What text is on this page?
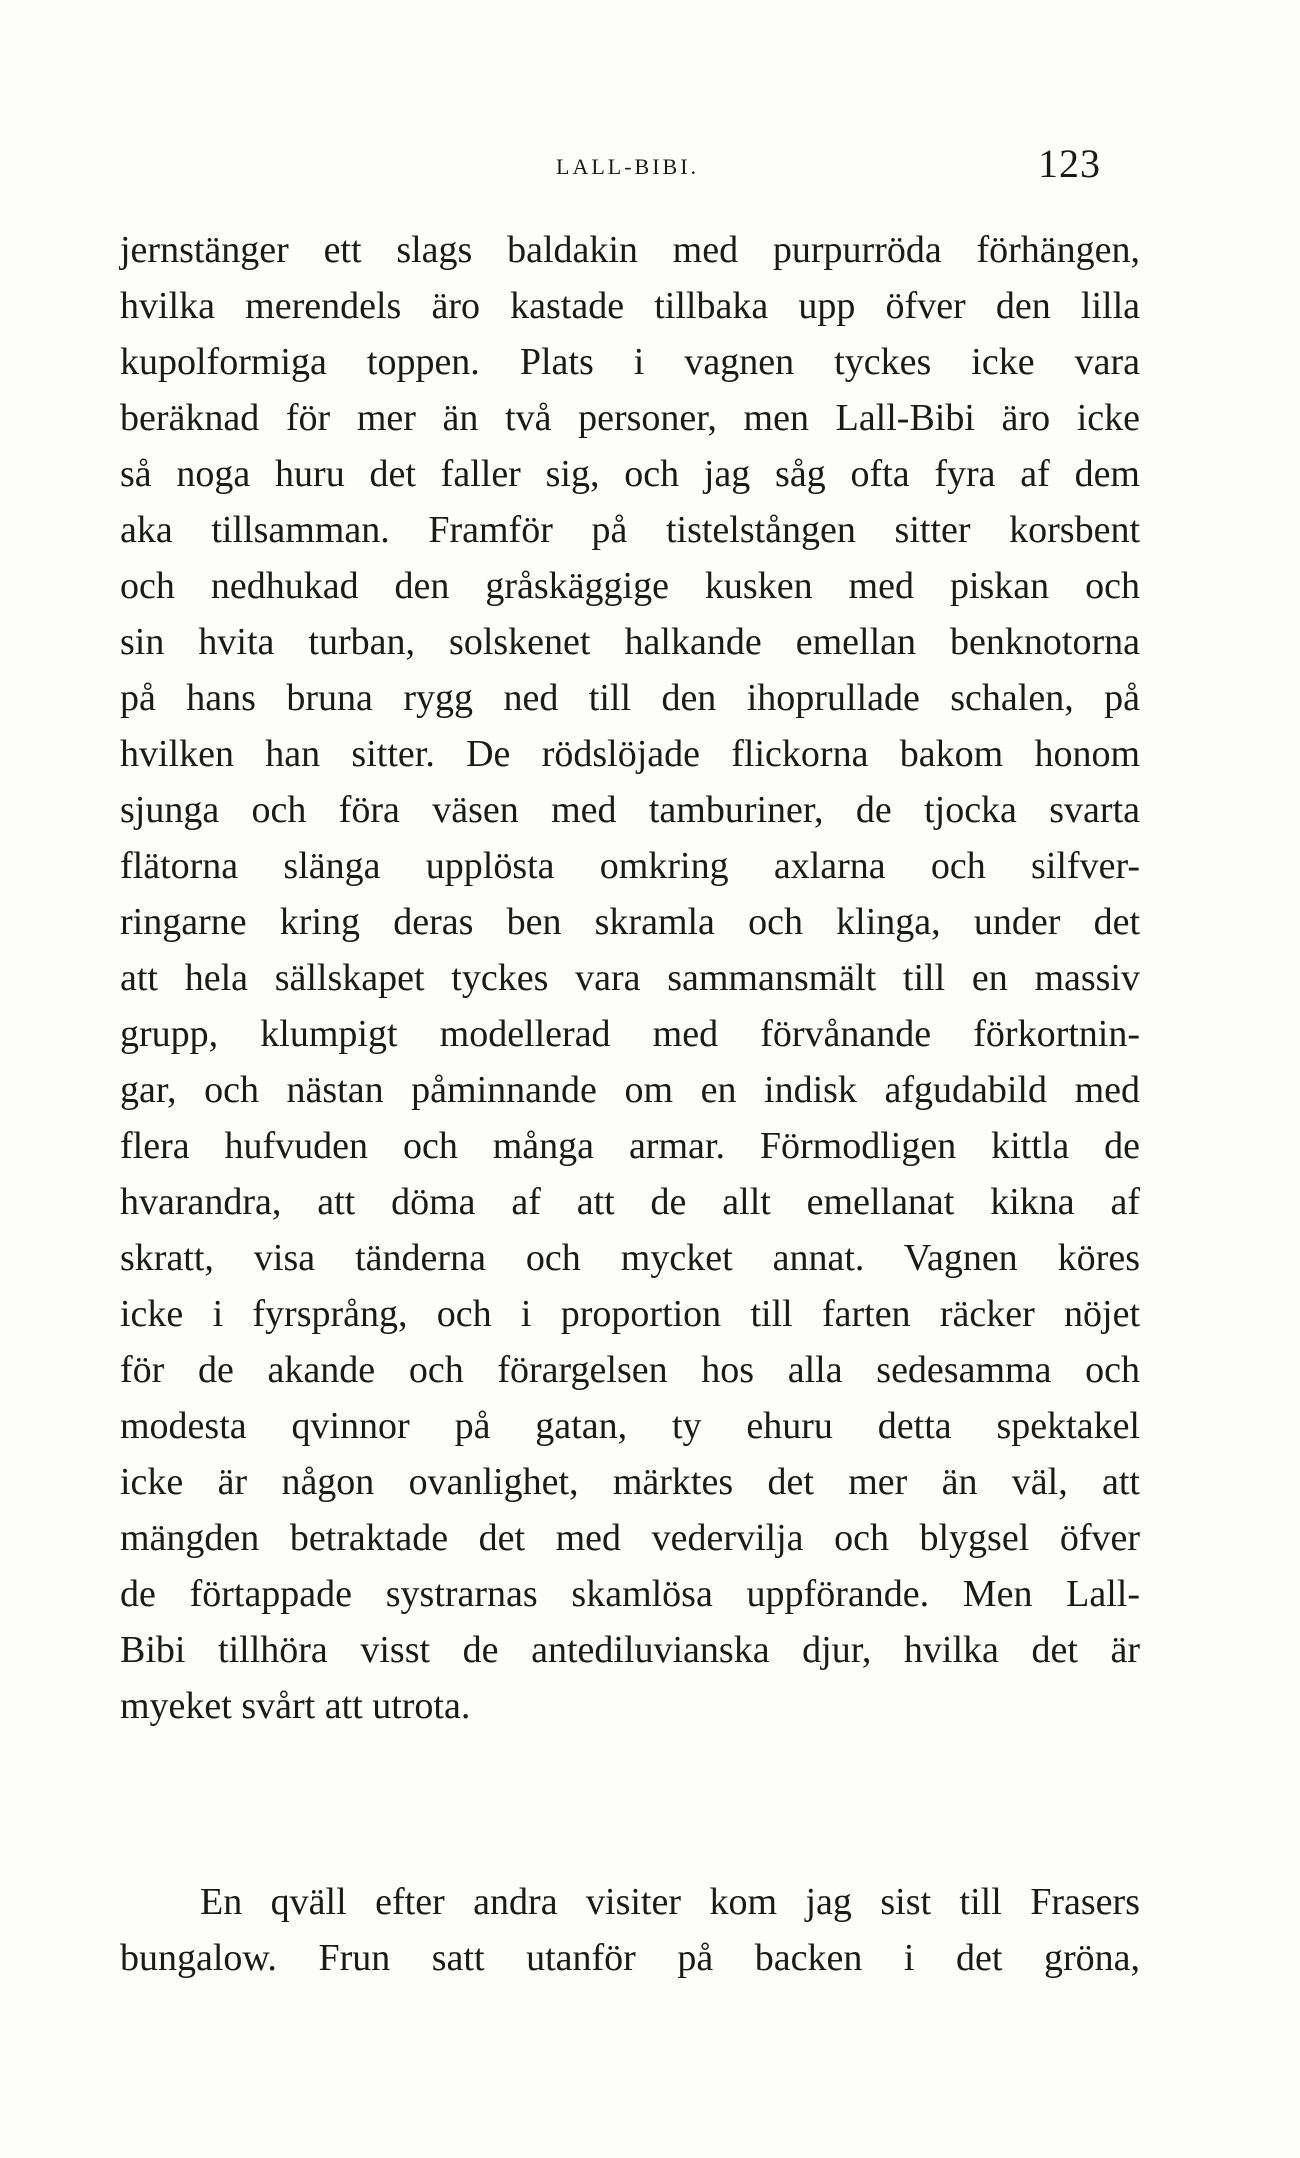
LALL-BIBI.	123
jernstänger ett slags baldakin med purpurröda förhängen,
hvilka merendels äro kastade tillbaka upp öfver den lilla
kupolformiga toppen. Plats i vagnen tyckes icke vara
beräknad för mer än två personer, men Lall-Bibi äro icke
så noga huru det faller sig, och jag såg ofta fyra af dem
aka tillsamman. Framför på tistelstången sitter korsbent
och nedhukad den gråskäggige kusken med piskan och
sin hvita turban, solskenet halkande emellan benknotorna
på hans bruna rygg ned till den ihoprullade schalen, på
hvilken han sitter. De rödslöjade flickorna bakom honom
sjunga och föra väsen med tamburiner, de tjocka svarta
flätorna slänga upplösta omkring axlarna och silfver-
ringarne kring deras ben skramla och klinga, under det
att hela sällskapet tyckes vara sammansmält till en massiv
grupp, klumpigt modellerad med förvånande förkortnin-
gar, och nästan påminnande om en indisk afgudabild med
flera hufvuden och många armar. Förmodligen kittla de
hvarandra, att döma af att de allt emellanat kikna af
skratt, visa tänderna och mycket annat. Vagnen köres
icke i fyrsprång, och i proportion till farten räcker nöjet
för de akande och förargelsen hos alla sedesamma och
modesta qvinnor på gatan, ty ehuru detta spektakel
icke är någon ovanlighet, märktes det mer än väl, att
mängden betraktade det med vedervilja och blygsel öfver
de förtappade systrarnas skamlösa uppförande. Men Lall-
Bibi tillhöra visst de antediluvianska djur, hvilka det är
myeket svårt att utrota.
En qväll efter andra visiter kom jag sist till Frasers
bungalow. Frun satt utanför på backen i det gröna,
